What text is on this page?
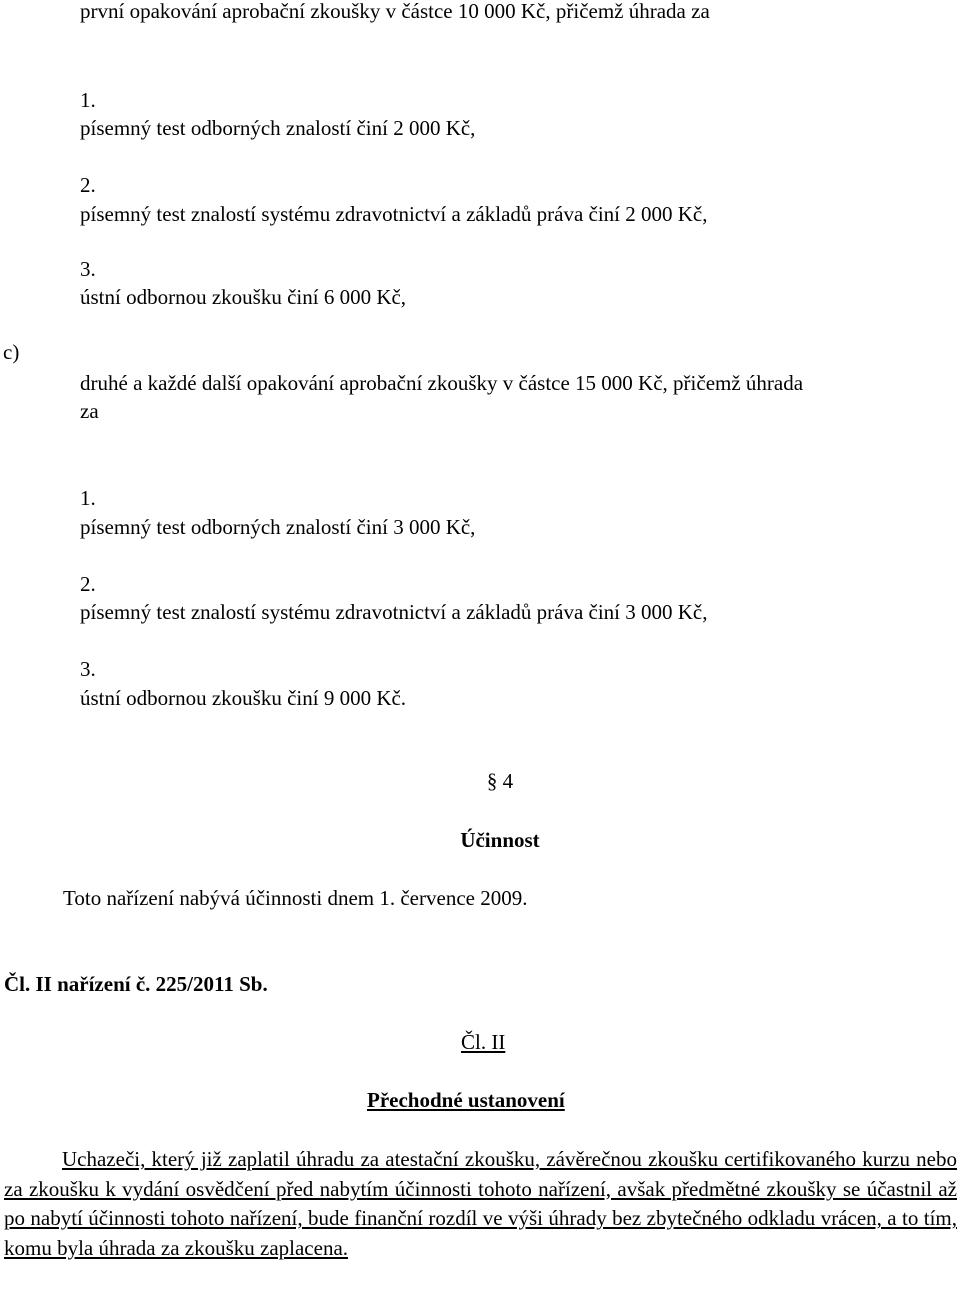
první opakování aprobační zkoušky v částce 10 000 Kč, přičemž úhrada za

1.

písemný test odborných znalostí činí 2 000 Kč,

2.

písemný test znalostí systému zdravotnictví a základů práva činí 2 000 Kč,

3.

ústní odbornou zkoušku činí 6 000 Kč,

c)

druhé a každé další opakování aprobační zkoušky v částce 15 000 Kč, přičemž úhrada

za

1.

písemný test odborných znalostí činí 3 000 Kč,

2.

písemný test znalostí systému zdravotnictví a základů práva činí 3 000 Kč,

3.

ústní odbornou zkoušku činí 9 000 Kč.

§ 4

Účinnost

Toto nařízení nabývá účinnosti dnem 1. července 2009.

Čl. II nařízení č. 225/2011 Sb.

Čl. II

Přechodné ustanovení

Uchazeči, který již zaplatil úhradu za atestační zkoušku, závěrečnou zkoušku certifikovaného kurzu nebo za zkoušku k vydání osvědčení před nabytím účinnosti tohoto nařízení, avšak předmětné zkoušky se účastnil až po nabytí účinnosti tohoto nařízení, bude finanční rozdíl ve výši úhrady bez zbytečného odkladu vrácen, a to tím, komu byla úhrada za zkoušku zaplacena.
